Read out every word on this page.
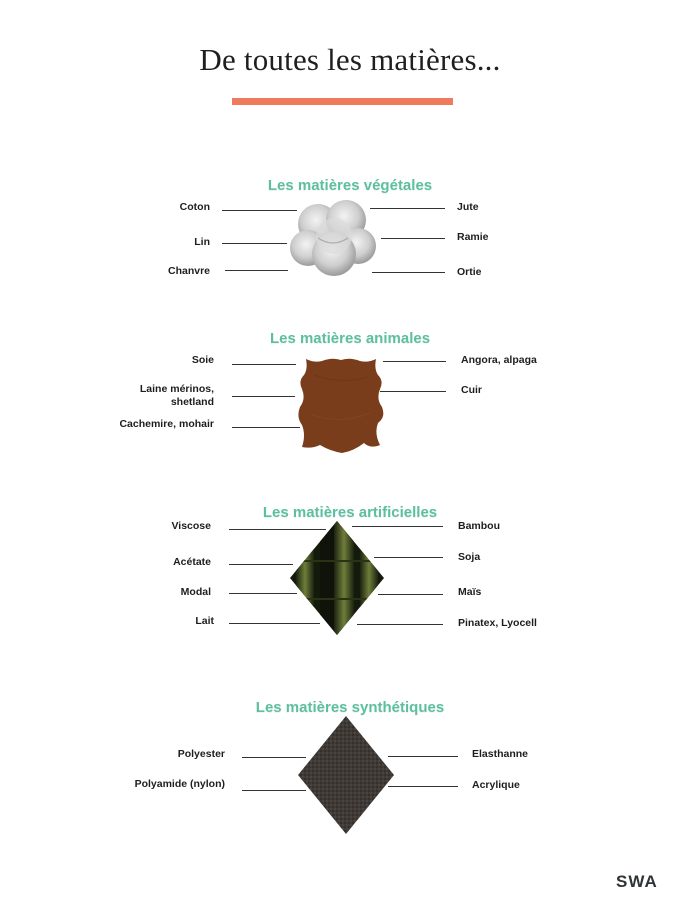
De toutes les matières...
Les matières végétales
Coton
Lin
Chanvre
Jute
Ramie
Ortie
Les matières animales
Soie
Laine mérinos, shetland
Cachemire, mohair
Angora, alpaga
Cuir
Les matières artificielles
Viscose
Acétate
Modal
Lait
Bambou
Soja
Maïs
Pinatex, Lyocell
Les matières synthétiques
Polyester
Polyamide (nylon)
Elasthanne
Acrylique
SWA
